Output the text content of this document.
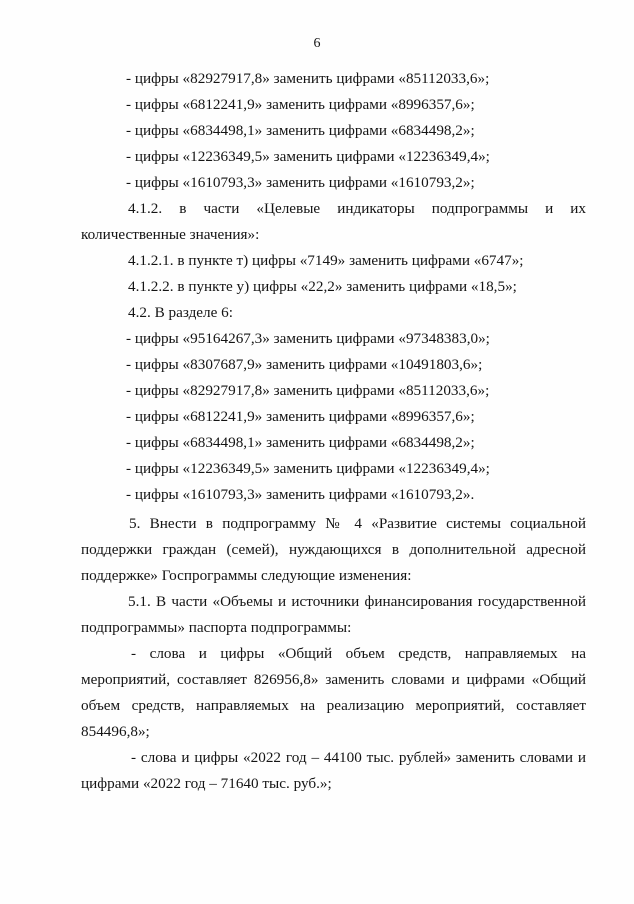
6
- цифры «82927917,8» заменить цифрами «85112033,6»;
- цифры «6812241,9» заменить цифрами «8996357,6»;
- цифры «6834498,1» заменить цифрами «6834498,2»;
- цифры «12236349,5» заменить цифрами «12236349,4»;
- цифры «1610793,3» заменить цифрами «1610793,2»;
4.1.2. в части «Целевые индикаторы подпрограммы и их
количественные значения»:
4.1.2.1. в пункте т) цифры «7149» заменить цифрами «6747»;
4.1.2.2. в пункте у) цифры «22,2» заменить цифрами «18,5»;
4.2. В разделе 6:
- цифры «95164267,3» заменить цифрами «97348383,0»;
- цифры «8307687,9» заменить цифрами «10491803,6»;
- цифры «82927917,8» заменить цифрами «85112033,6»;
- цифры «6812241,9» заменить цифрами «8996357,6»;
- цифры «6834498,1» заменить цифрами «6834498,2»;
- цифры «12236349,5» заменить цифрами «12236349,4»;
- цифры «1610793,3» заменить цифрами «1610793,2».
5. Внести в подпрограмму № 4 «Развитие системы социальной
поддержки граждан (семей), нуждающихся в дополнительной адресной
поддержке» Госпрограммы следующие изменения:
5.1. В части «Объемы и источники финансирования государственной
подпрограммы» паспорта подпрограммы:
- слова и цифры «Общий объем средств, направляемых на
мероприятий, составляет 826956,8» заменить словами и цифрами «Общий
объем средств, направляемых на реализацию мероприятий, составляет
854496,8»;
- слова и цифры «2022 год – 44100 тыс. рублей» заменить словами и
цифрами «2022 год – 71640 тыс. руб.»;
